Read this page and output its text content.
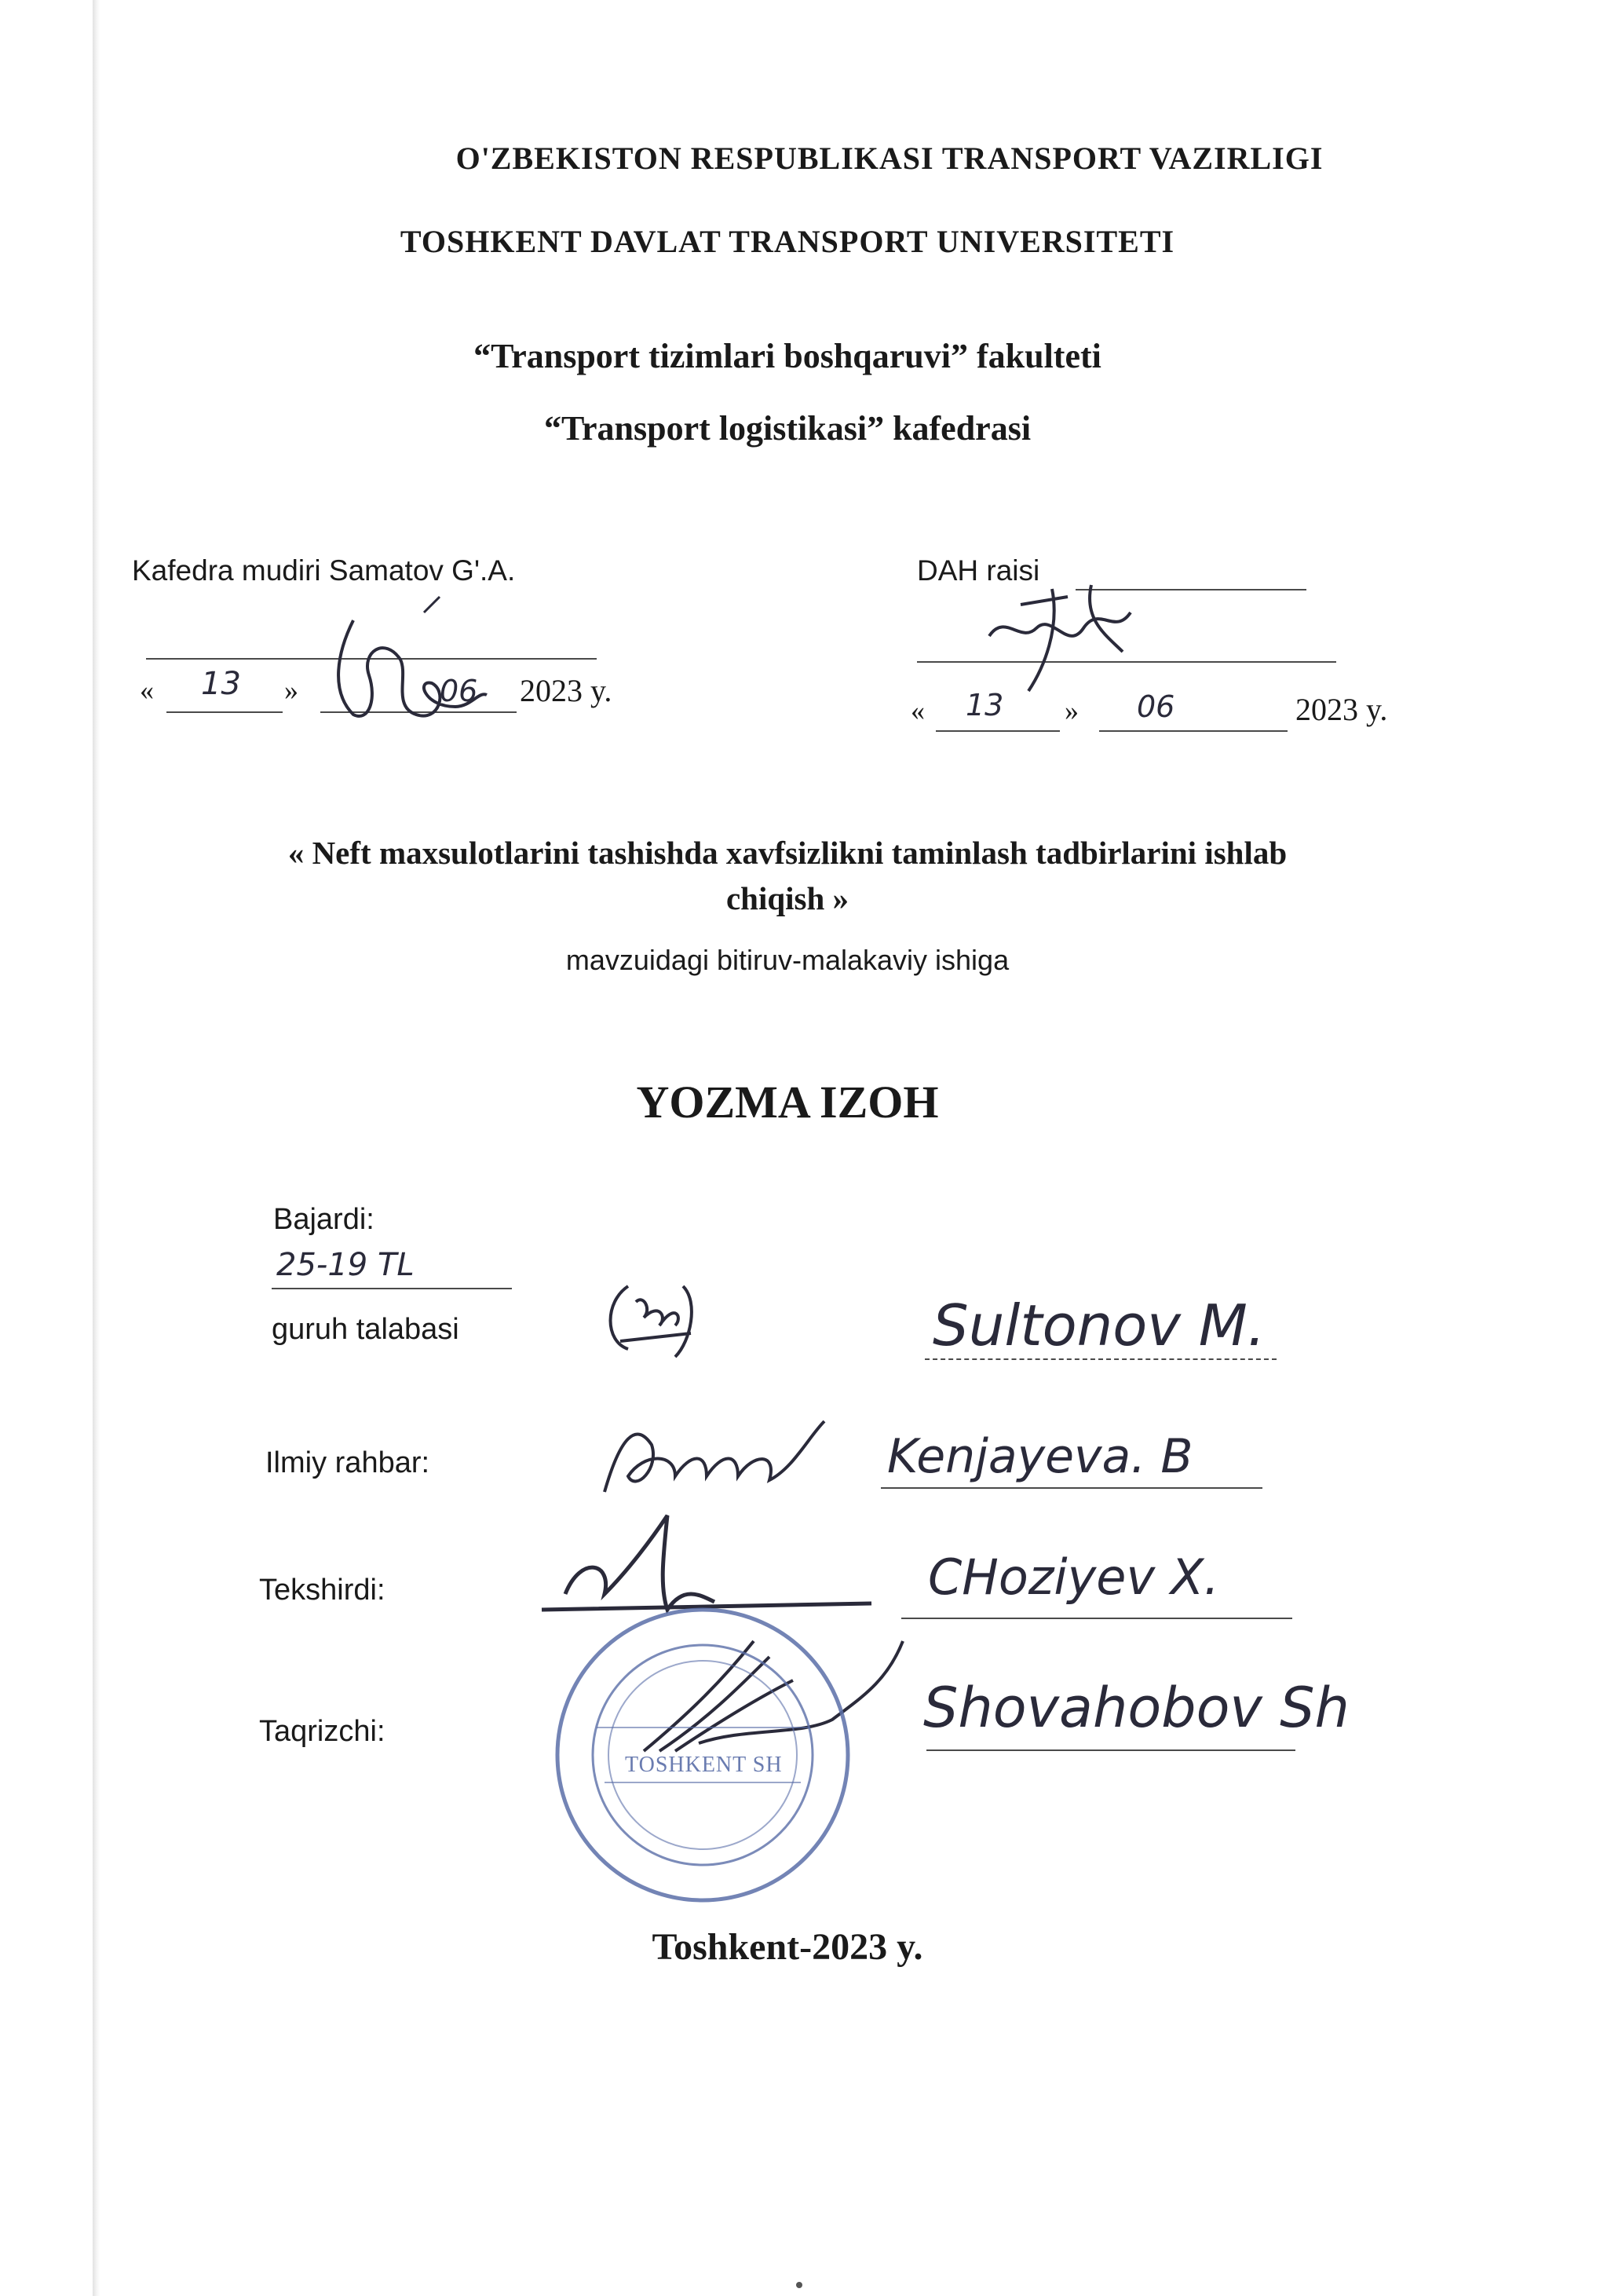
O'ZBEKISTON RESPUBLIKASI TRANSPORT VAZIRLIGI
TOSHKENT DAVLAT TRANSPORT UNIVERSITETI
“Transport tizimlari boshqaruvi” fakulteti
“Transport logistikasi” kafedrasi
Kafedra mudiri Samatov G'.A.
« 13 »	06 2023 y.
DAH raisi
« 13 » 06	2023 y.
« Neft maxsulotlarini tashishda xavfsizlikni taminlash tadbirlarini ishlab
chiqish »
mavzuidagi bitiruv-malakaviy ishiga
YOZMA IZOH
Bajardi:
25-19 TL
guruh talabasi
Ilmiy rahbar:
Tekshirdi:
Taqrizchi:
Sultonov M.
Kenjayeva. B
CHoziyev X.
Shovahobov Sh
TOSHKENT SH
Toshkent-2023 y.
